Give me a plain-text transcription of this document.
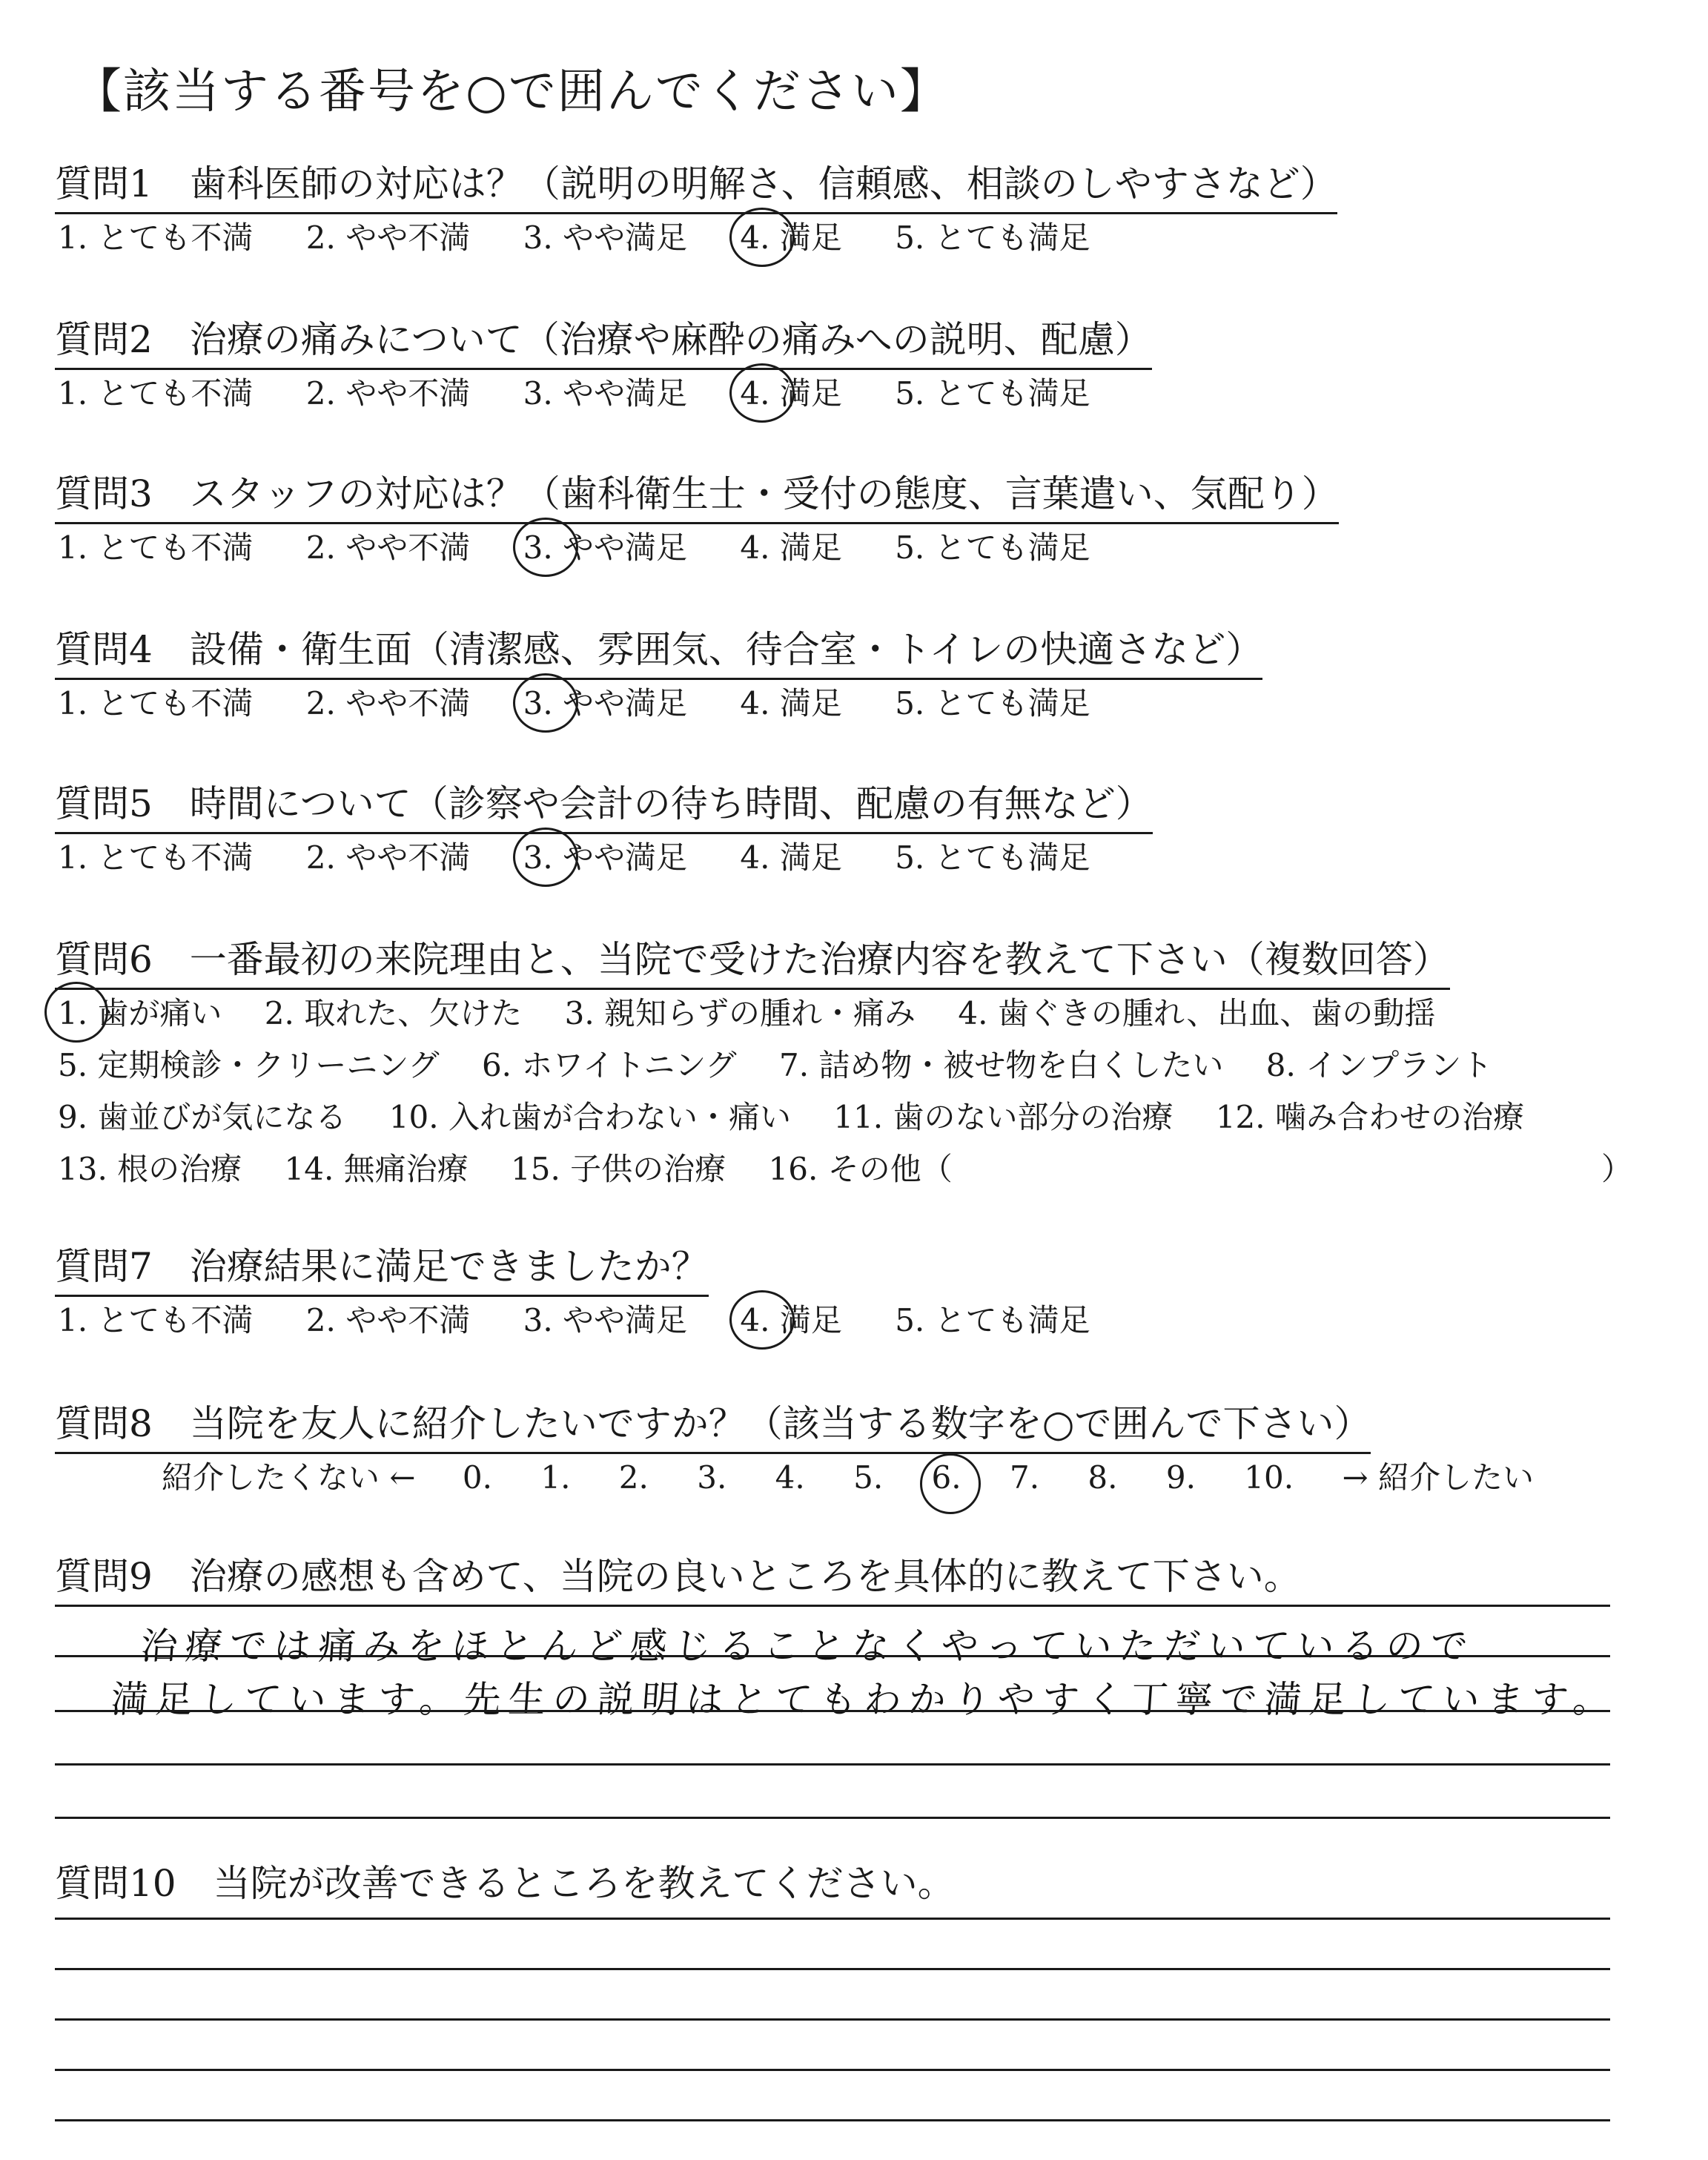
【該当する番号を○で囲んでください】
質問1　歯科医師の対応は？（説明の明解さ、信頼感、相談のしやすさなど）
1. とても不満 2. やや不満 3. やや満足 4. 満足 5. とても満足
質問2　治療の痛みについて（治療や麻酔の痛みへの説明、配慮）
1. とても不満 2. やや不満 3. やや満足 4. 満足 5. とても満足
質問3　スタッフの対応は？（歯科衛生士・受付の態度、言葉遣い、気配り）
1. とても不満 2. やや不満 3. やや満足 4. 満足 5. とても満足
質問4　設備・衛生面（清潔感、雰囲気、待合室・トイレの快適さなど）
1. とても不満 2. やや不満 3. やや満足 4. 満足 5. とても満足
質問5　時間について（診察や会計の待ち時間、配慮の有無など）
1. とても不満 2. やや不満 3. やや満足 4. 満足 5. とても満足
質問6　一番最初の来院理由と、当院で受けた治療内容を教えて下さい（複数回答）
1. 歯が痛い 2. 取れた、欠けた 3. 親知らずの腫れ・痛み 4. 歯ぐきの腫れ、出血、歯の動揺
5. 定期検診・クリーニング 6. ホワイトニング 7. 詰め物・被せ物を白くしたい 8. インプラント
9. 歯並びが気になる 10. 入れ歯が合わない・痛い 11. 歯のない部分の治療 12. 噛み合わせの治療
13. 根の治療 14. 無痛治療 15. 子供の治療 16. その他（	）
質問7　治療結果に満足できましたか？
1. とても不満 2. やや不満 3. やや満足 4. 満足 5. とても満足
質問8　当院を友人に紹介したいですか？（該当する数字を○で囲んで下さい）
紹介したくない ← 0. 1. 2. 3. 4. 5. 6. 7. 8. 9. 10. → 紹介したい
質問9　治療の感想も含めて、当院の良いところを具体的に教えて下さい。
治療では痛みをほとんど感じることなくやっていただいているので
満足しています。先生の説明はとてもわかりやすく丁寧で満足しています。
質問10　当院が改善できるところを教えてください。
